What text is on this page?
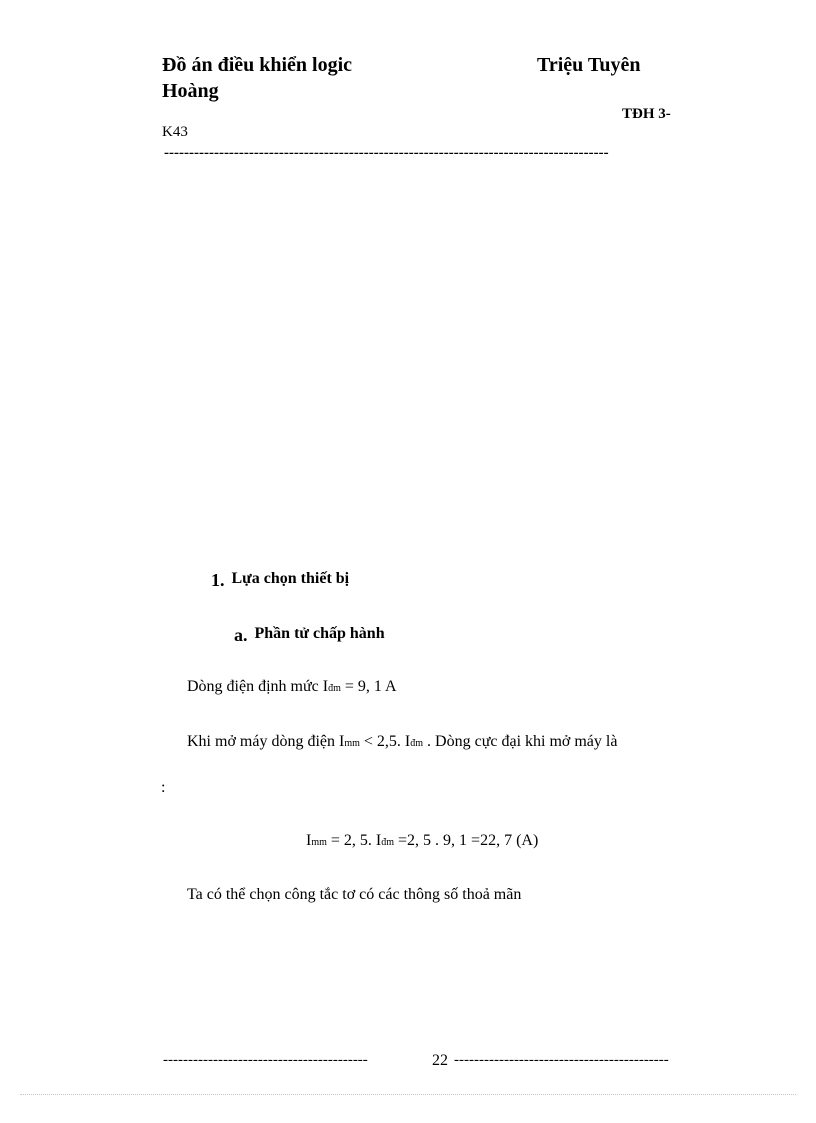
Đồ án điều khiển logic	Triệu Tuyên
Hoàng
TĐH 3-
K43
-----------------------------------------------------------------------------------------
1. Lựa chọn thiết bị
a. Phần tử chấp hành
Dòng điện định mức Iđm = 9, 1 A
Khi mở máy dòng điện Imm < 2,5. Iđm . Dòng cực đại khi mở máy là
:
Imm = 2, 5. Iđm =2, 5 . 9, 1 =22, 7 (A)
Ta có thể chọn công tắc tơ có các thông số thoả mãn
-----------------------------------------	22 -------------------------------------------
